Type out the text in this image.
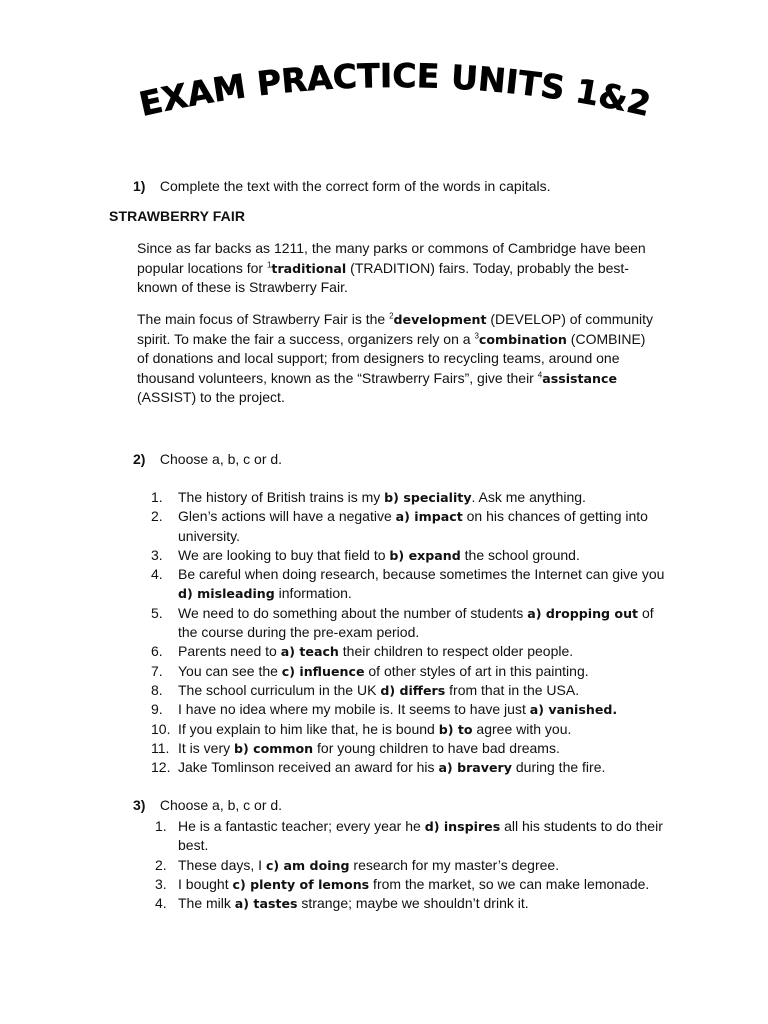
EXAM PRACTICE UNITS 1&2
1) Complete the text with the correct form of the words in capitals.
STRAWBERRY FAIR

Since as far backs as 1211, the many parks or commons of Cambridge have been popular locations for $^1$traditional (TRADITION) fairs. Today, probably the best-known of these is Strawberry Fair.

The main focus of Strawberry Fair is the $^2$development (DEVELOP) of community spirit. To make the fair a success, organizers rely on a $^3$combination (COMBINE) of donations and local support; from designers to recycling teams, around one thousand volunteers, known as the “Strawberry Fairs”, give their $^4$assistance (ASSIST) to the project.

2) Choose a, b, c or d.
1. The history of British trains is my b) speciality. Ask me anything.
2. Glen’s actions will have a negative a) impact on his chances of getting into university.
3. We are looking to buy that field to b) expand the school ground.
4. Be careful when doing research, because sometimes the Internet can give you d) misleading information.
5. We need to do something about the number of students a) dropping out of the course during the pre-exam period.
6. Parents need to a) teach their children to respect older people.
7. You can see the c) influence of other styles of art in this painting.
8. The school curriculum in the UK d) differs from that in the USA.
9. I have no idea where my mobile is. It seems to have just a) vanished.
10. If you explain to him like that, he is bound b) to agree with you.
11. It is very b) common for young children to have bad dreams.
12. Jake Tomlinson received an award for his a) bravery during the fire.
3) Choose a, b, c or d.
1. He is a fantastic teacher; every year he d) inspires all his students to do their best.
2. These days, I c) am doing research for my master’s degree.
3. I bought c) plenty of lemons from the market, so we can make lemonade.
4. The milk a) tastes strange; maybe we shouldn’t drink it.
